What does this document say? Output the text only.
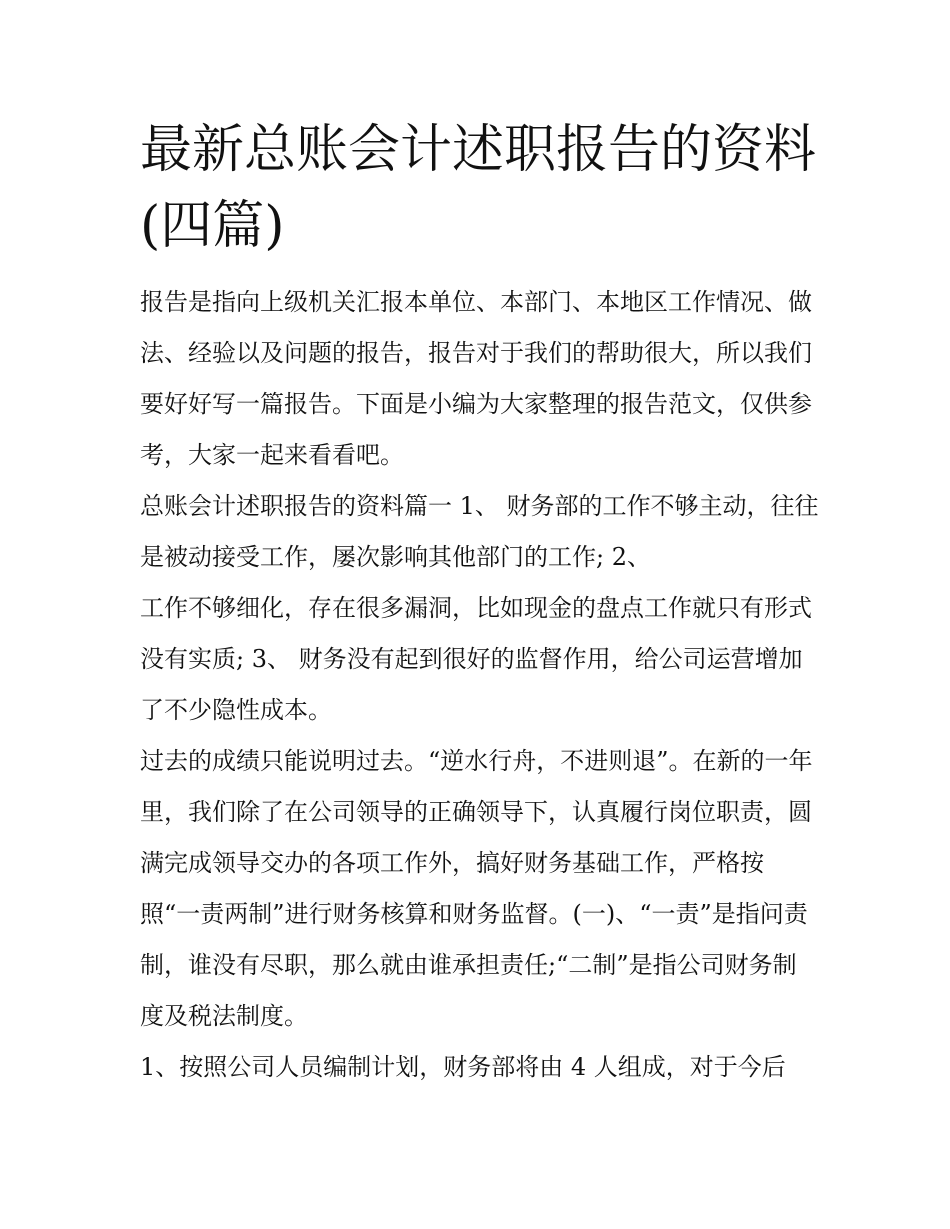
最新总账会计述职报告的资料(四篇)

报告是指向上级机关汇报本单位、本部门、本地区工作情况、做法、经验以及问题的报告，报告对于我们的帮助很大，所以我们要好好写一篇报告。下面是小编为大家整理的报告范文，仅供参考，大家一起来看看吧。

总账会计述职报告的资料篇一 1、 财务部的工作不够主动，往往是被动接受工作，屡次影响其他部门的工作; 2、

工作不够细化，存在很多漏洞，比如现金的盘点工作就只有形式没有实质; 3、 财务没有起到很好的监督作用，给公司运营增加了不少隐性成本。

过去的成绩只能说明过去。“逆水行舟，不进则退”。在新的一年里，我们除了在公司领导的正确领导下，认真履行岗位职责，圆满完成领导交办的各项工作外，搞好财务基础工作，严格按照“一责两制”进行财务核算和财务监督。(一)、“一责”是指问责制，谁没有尽职，那么就由谁承担责任;“二制”是指公司财务制度及税法制度。

1、按照公司人员编制计划，财务部将由 4 人组成，对于今后
